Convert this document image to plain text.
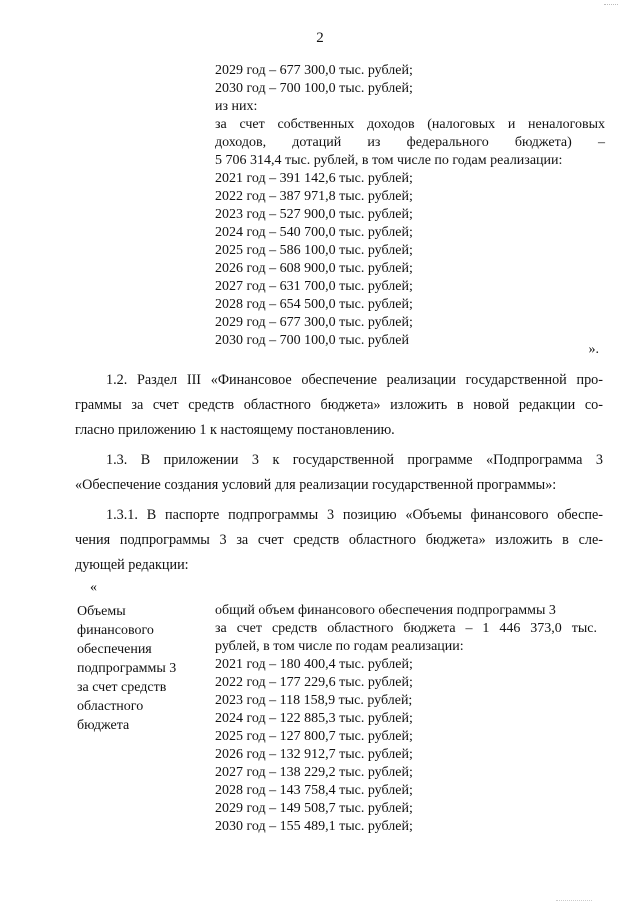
2
2029 год – 677 300,0 тыс. рублей;
2030 год – 700 100,0 тыс. рублей;
из них:
за счет собственных доходов (налоговых и неналоговых
доходов, дотаций из федерального бюджета) –
5 706 314,4 тыс. рублей, в том числе по годам реализации:
2021 год – 391 142,6 тыс. рублей;
2022 год – 387 971,8 тыс. рублей;
2023 год – 527 900,0 тыс. рублей;
2024 год – 540 700,0 тыс. рублей;
2025 год – 586 100,0 тыс. рублей;
2026 год – 608 900,0 тыс. рублей;
2027 год – 631 700,0 тыс. рублей;
2028 год – 654 500,0 тыс. рублей;
2029 год – 677 300,0 тыс. рублей;
2030 год – 700 100,0 тыс. рублей
».
1.2. Раздел III «Финансовое обеспечение реализации государственной про-
граммы за счет средств областного бюджета» изложить в новой редакции со-
гласно приложению 1 к настоящему постановлению.
1.3. В приложении 3 к государственной программе «Подпрограмма 3
«Обеспечение создания условий для реализации государственной программы»:
1.3.1. В паспорте подпрограммы 3 позицию «Объемы финансового обеспе-
чения подпрограммы 3 за счет средств областного бюджета» изложить в сле-
дующей редакции:
«
Объемы
финансового
обеспечения
подпрограммы 3
за счет средств
областного
бюджета
общий объем финансового обеспечения подпрограммы 3
за счет средств областного бюджета – 1 446 373,0 тыс.
рублей, в том числе по годам реализации:
2021 год – 180 400,4 тыс. рублей;
2022 год – 177 229,6 тыс. рублей;
2023 год – 118 158,9 тыс. рублей;
2024 год – 122 885,3 тыс. рублей;
2025 год – 127 800,7 тыс. рублей;
2026 год – 132 912,7 тыс. рублей;
2027 год – 138 229,2 тыс. рублей;
2028 год – 143 758,4 тыс. рублей;
2029 год – 149 508,7 тыс. рублей;
2030 год – 155 489,1 тыс. рублей;
